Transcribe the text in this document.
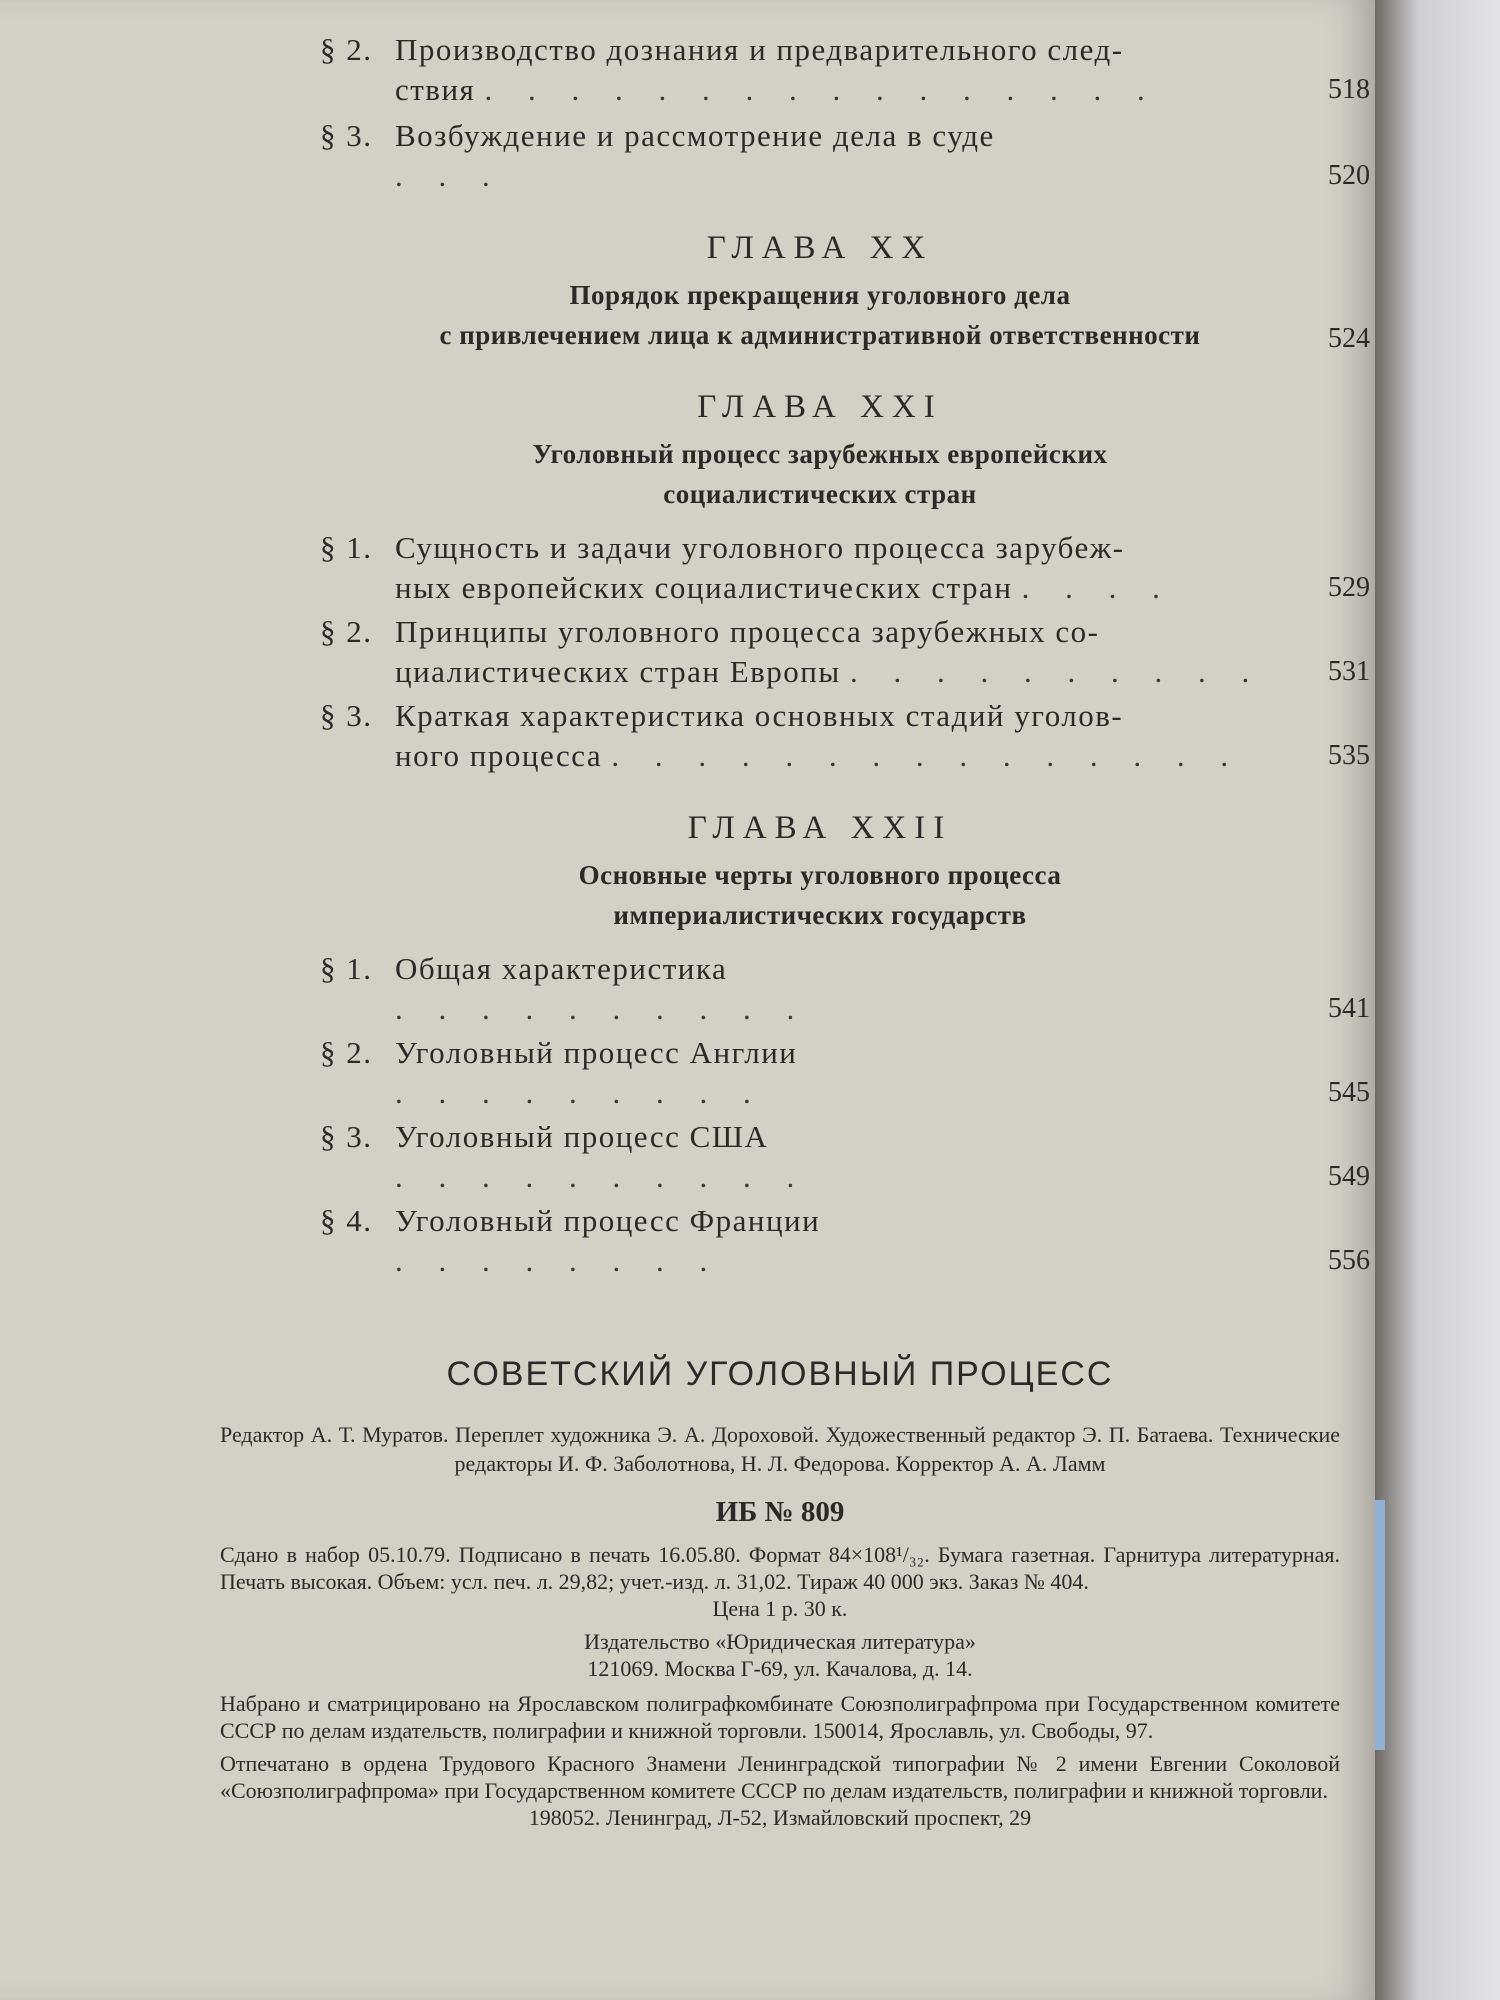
§ 2. Производство дознания и предварительного след-
ствия . . . . . . . . . . . . . . . .	518
§ 3. Возбуждение и рассмотрение дела в суде
. . .	520
ГЛАВА XX
Порядок прекращения уголовного дела
с привлечением лица к административной ответственности	524
ГЛАВА XXI
Уголовный процесс зарубежных европейских
социалистических стран
§ 1. Сущность и задачи уголовного процесса зарубеж-
ных европейских социалистических стран . . . .	529
§ 2. Принципы уголовного процесса зарубежных со-
циалистических стран Европы . . . . . . . . . .	531
§ 3. Краткая характеристика основных стадий уголов-
ного процесса . . . . . . . . . . . . . . .	535
ГЛАВА XXII
Основные черты уголовного процесса
империалистических государств
§ 1. Общая характеристика
. . . . . . . . . .	541
§ 2. Уголовный процесс Англии
. . . . . . . . .	545
§ 3. Уголовный процесс США
. . . . . . . . . .	549
§ 4. Уголовный процесс Франции
. . . . . . . .	556
СОВЕТСКИЙ УГОЛОВНЫЙ ПРОЦЕСС
Редактор А. Т. Муратов. Переплет художника Э. А. Дороховой. Художественный редактор Э. П. Батаева. Технические редакторы И. Ф. Заболотнова, Н. Л. Федорова. Корректор А. А. Ламм
ИБ № 809
Сдано в набор 05.10.79. Подписано в печать 16.05.80. Формат 84×108¹/₃₂. Бумага газетная. Гарнитура литературная. Печать высокая. Объем: усл. печ. л. 29,82; учет.-изд. л. 31,02. Тираж 40 000 экз. Заказ № 404.
Цена 1 р. 30 к.
Издательство «Юридическая литература»
121069. Москва Г-69, ул. Качалова, д. 14.
Набрано и сматрицировано на Ярославском полиграфкомбинате Союзполиграфпрома при Государственном комитете СССР по делам издательств, полиграфии и книжной торговли. 150014, Ярославль, ул. Свободы, 97.
Отпечатано в ордена Трудового Красного Знамени Ленинградской типографии № 2 имени Евгении Соколовой «Союзполиграфпрома» при Государственном комитете СССР по делам издательств, полиграфии и книжной торговли.
198052. Ленинград, Л-52, Измайловский проспект, 29
